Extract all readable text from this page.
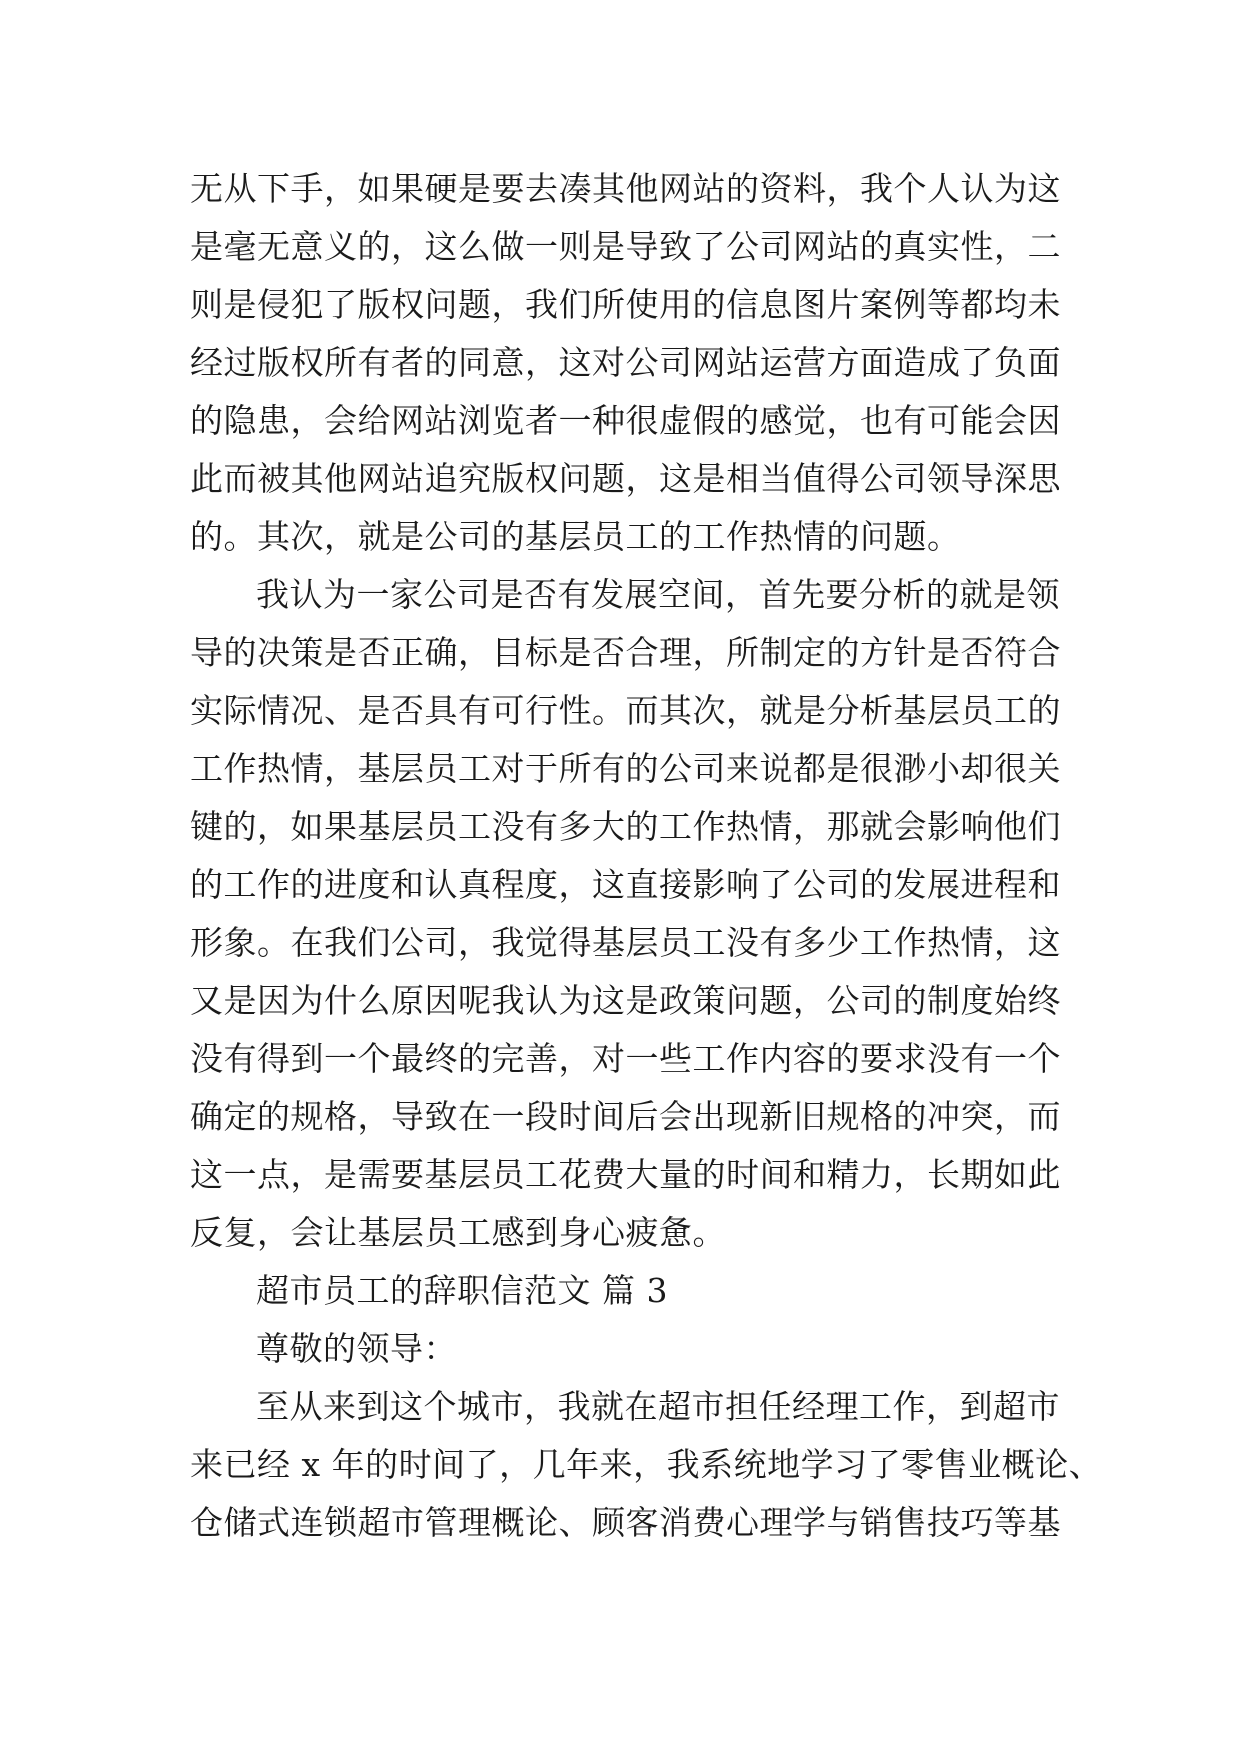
无从下手，如果硬是要去凑其他网站的资料，我个人认为这
是毫无意义的，这么做一则是导致了公司网站的真实性，二
则是侵犯了版权问题，我们所使用的信息图片案例等都均未
经过版权所有者的同意，这对公司网站运营方面造成了负面
的隐患，会给网站浏览者一种很虚假的感觉，也有可能会因
此而被其他网站追究版权问题，这是相当值得公司领导深思
的。其次，就是公司的基层员工的工作热情的问题。
我认为一家公司是否有发展空间，首先要分析的就是领
导的决策是否正确，目标是否合理，所制定的方针是否符合
实际情况、是否具有可行性。而其次，就是分析基层员工的
工作热情，基层员工对于所有的公司来说都是很渺小却很关
键的，如果基层员工没有多大的工作热情，那就会影响他们
的工作的进度和认真程度，这直接影响了公司的发展进程和
形象。在我们公司，我觉得基层员工没有多少工作热情，这
又是因为什么原因呢我认为这是政策问题，公司的制度始终
没有得到一个最终的完善，对一些工作内容的要求没有一个
确定的规格，导致在一段时间后会出现新旧规格的冲突，而
这一点，是需要基层员工花费大量的时间和精力，长期如此
反复，会让基层员工感到身心疲惫。
超市员工的辞职信范文 篇 3
尊敬的领导：
至从来到这个城市，我就在超市担任经理工作，到超市
来已经 x 年的时间了，几年来，我系统地学习了零售业概论、
仓储式连锁超市管理概论、顾客消费心理学与销售技巧等基
